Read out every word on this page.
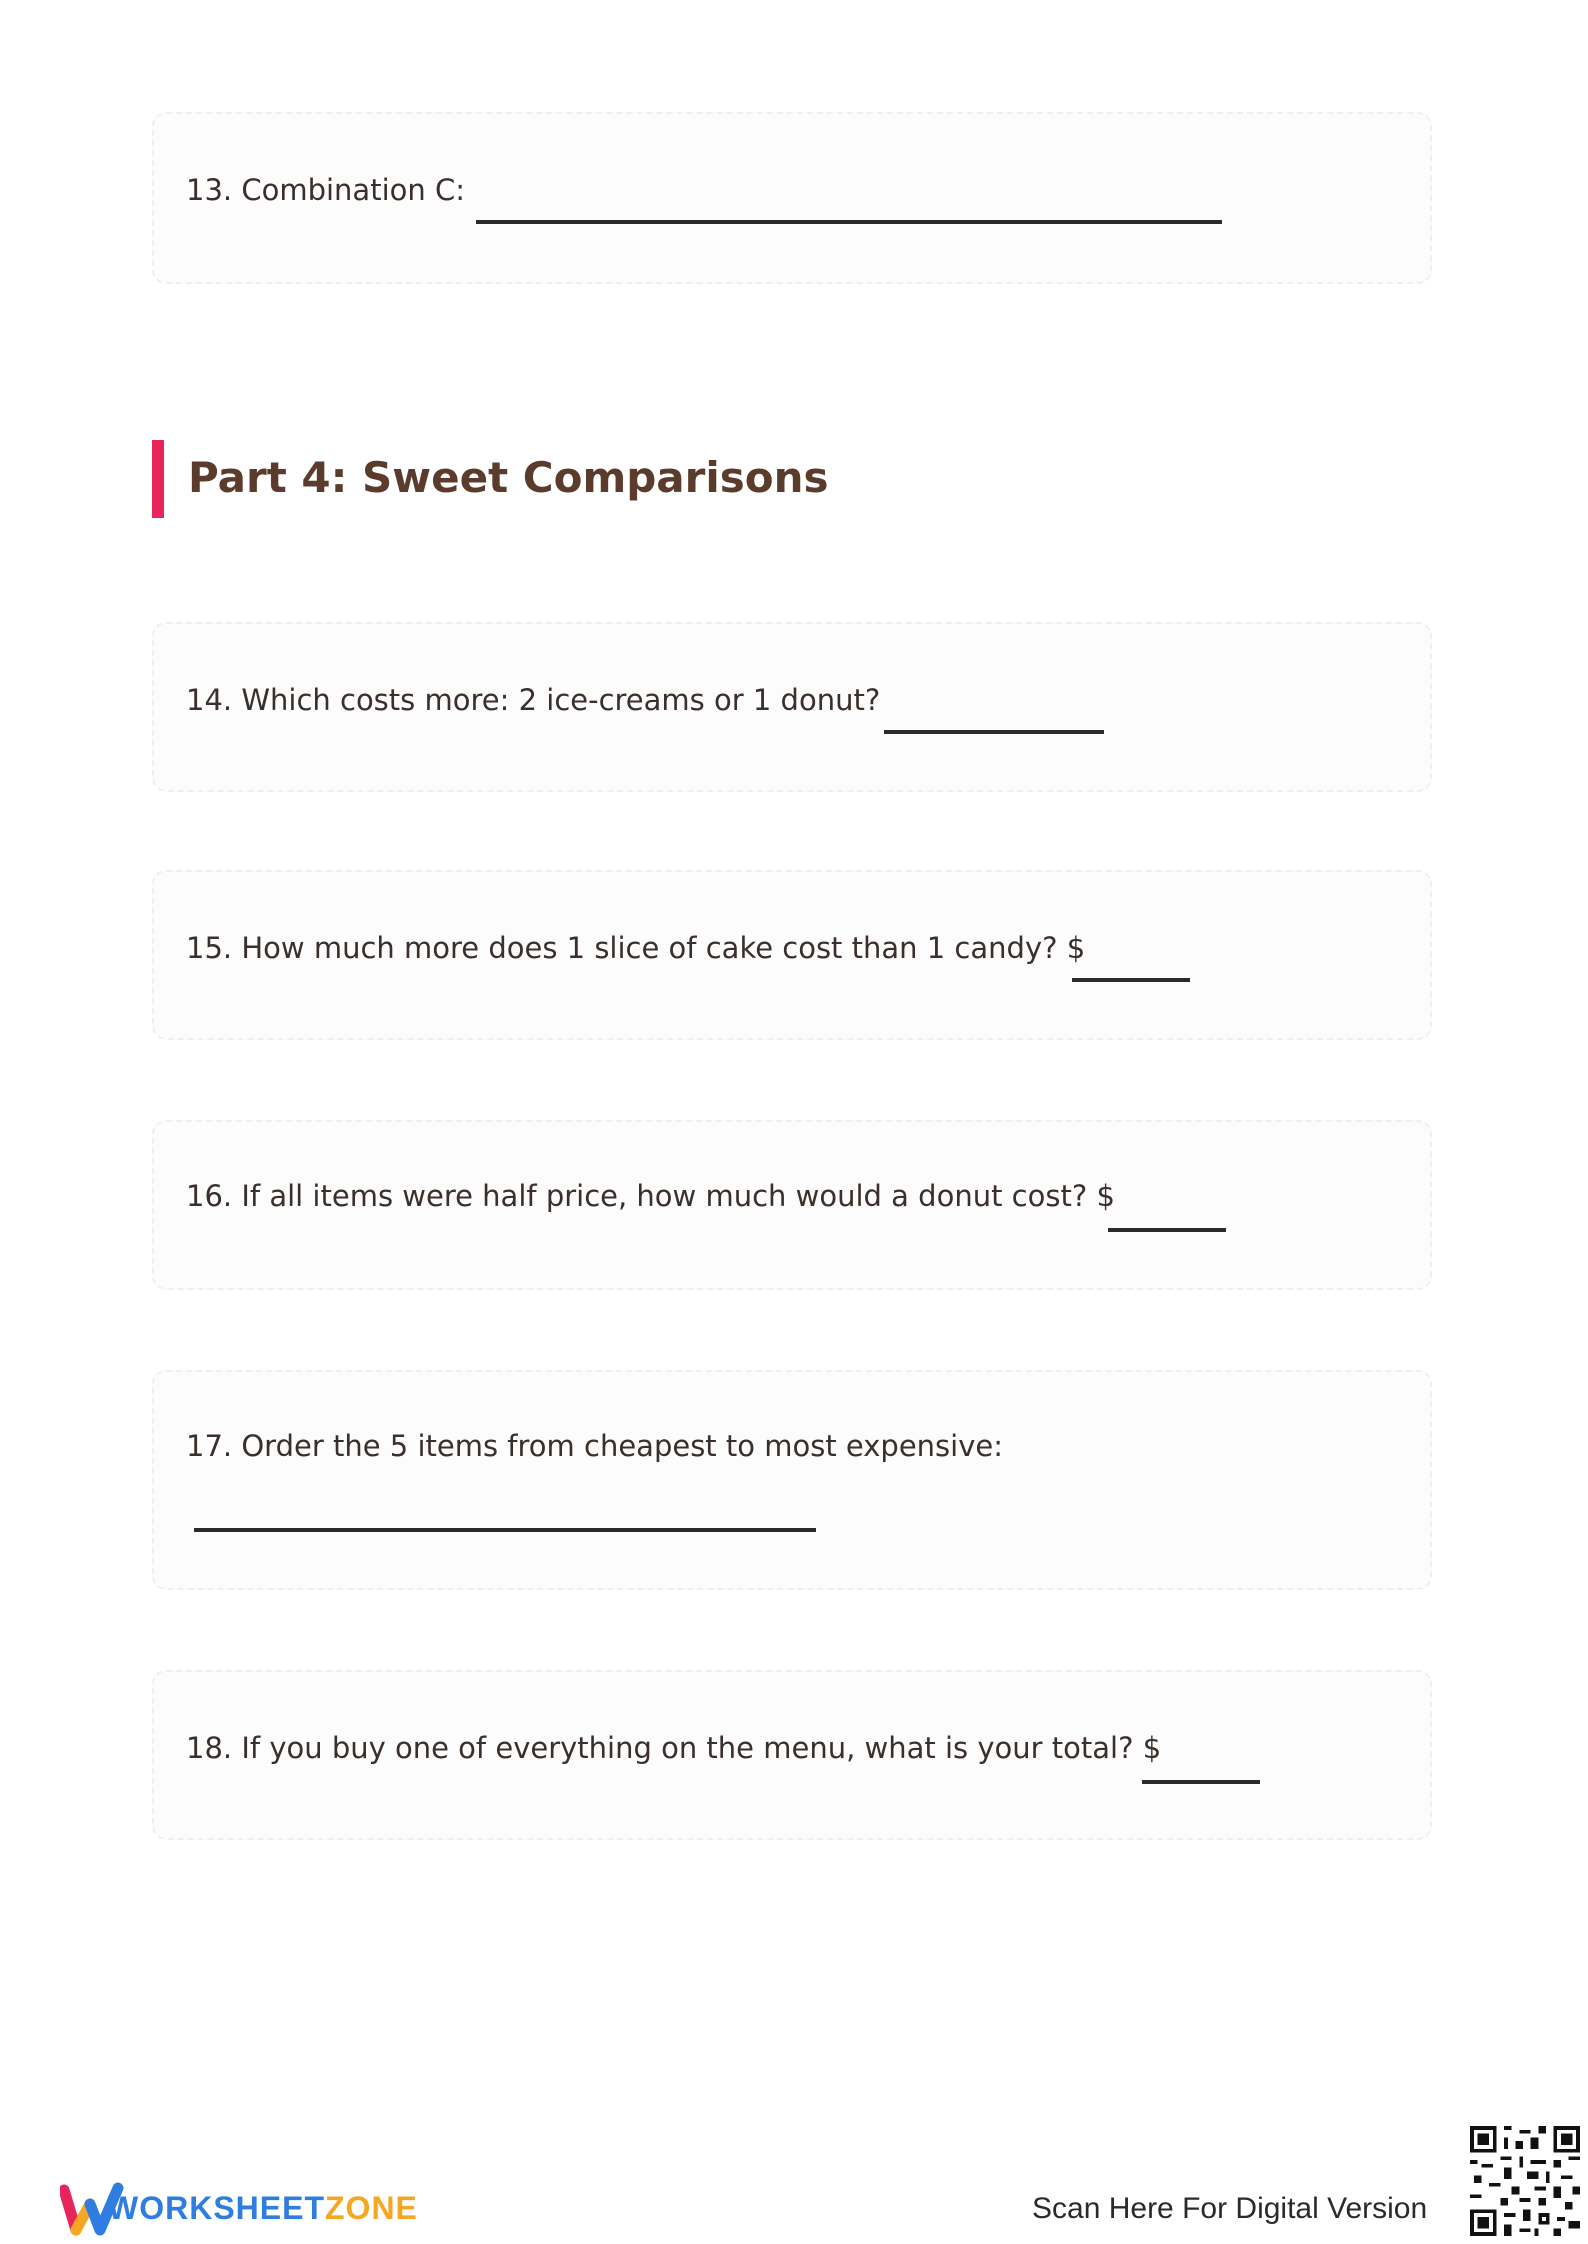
13. Combination C:
Part 4: Sweet Comparisons
14. Which costs more: 2 ice-creams or 1 donut?
15. How much more does 1 slice of cake cost than 1 candy? $
16. If all items were half price, how much would a donut cost? $
17. Order the 5 items from cheapest to most expensive:
18. If you buy one of everything on the menu, what is your total? $
WORKSHEETZONE	Scan Here For Digital Version
